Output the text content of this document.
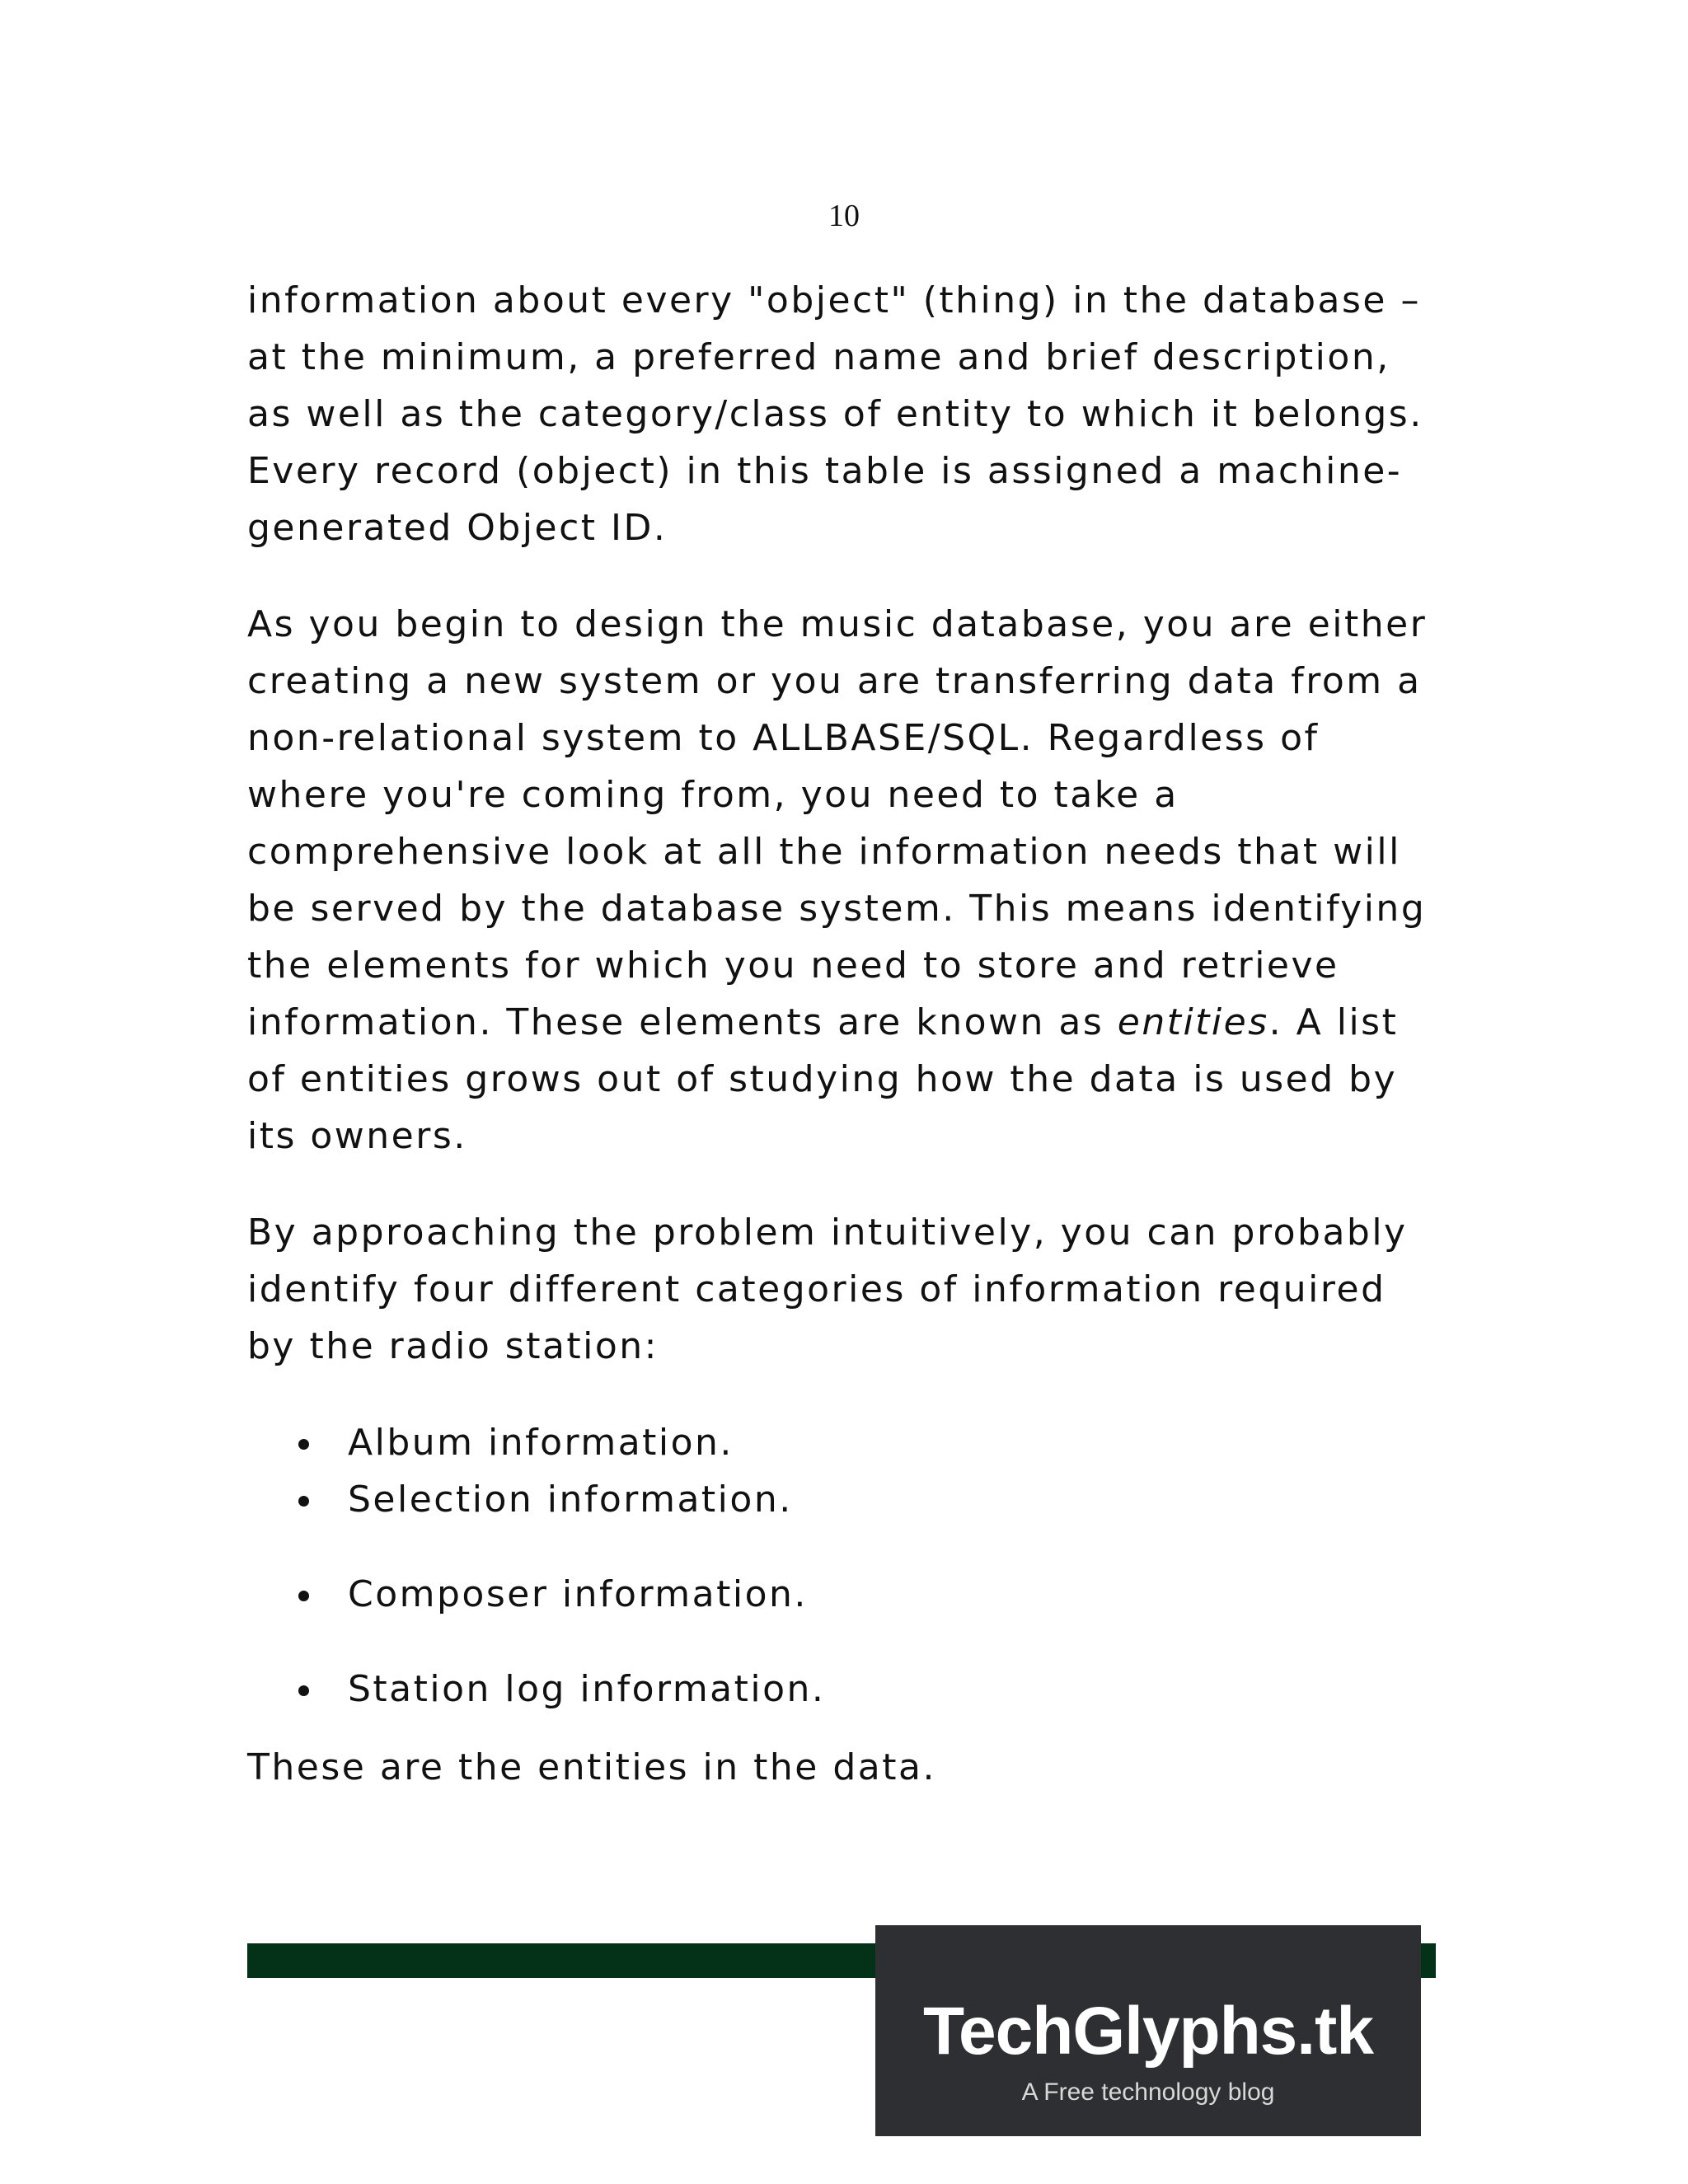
10

information about every "object" (thing) in the database – at the minimum, a preferred name and brief description, as well as the category/class of entity to which it belongs. Every record (object) in this table is assigned a machine-generated Object ID.

As you begin to design the music database, you are either creating a new system or you are transferring data from a non-relational system to ALLBASE/SQL. Regardless of where you're coming from, you need to take a comprehensive look at all the information needs that will be served by the database system. This means identifying the elements for which you need to store and retrieve information. These elements are known as entities. A list of entities grows out of studying how the data is used by its owners.

By approaching the problem intuitively, you can probably identify four different categories of information required by the radio station:

Album information.
Selection information.
Composer information.
Station log information.

These are the entities in the data.

TechGlyphs.tk
A Free technology blog
